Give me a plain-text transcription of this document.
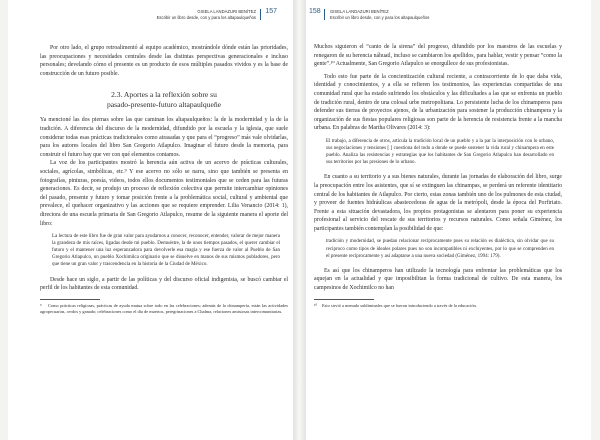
GISELA LANDAZURI BENÍTEZ
Escribir un libro desde, con y para los altapaulqueños
157

Por otro lado, el grupo retroalimentó al equipo académico, mostrándole dónde están las prioridades, las preocupaciones y necesidades centrales desde las distintas perspectivas generacionales e incluso personales; develando cómo el presente es un producto de esos múltiples pasados vividos y es la base de construcción de un futuro posible.

2.3. Aportes a la reflexión sobre su
pasado-presente-futuro altapaulqueñe

Ya mencioné las dos piernas sobre las que caminan los altapaulqueños: la de la modernidad y la de la tradición. A diferencia del discurso de la modernidad, difundido por la escuela y la iglesia, que suele considerar todas esas prácticas tradicionales como atrasadas y que para el “progreso” más vale olvidarlas, para los autores locales del libro San Gregorio Atlapulco. Imaginar el futuro desde la memoria, para construir el futuro hay que ver con qué elementos contamos.

La voz de los participantes mostró la herencia aún activa de un acervo de prácticas culturales, sociales, agrícolas, simbólicas, etc.⁹ Y ese acervo no sólo se narra, sino que también se presenta en fotografías, pinturas, poesía, videos, todos ellos documentos testimoniales que se ceden para las futuras generaciones. Es decir, se produjo un proceso de reflexión colectiva que permite intercambiar opiniones del pasado, presente y futuro y tomar posición frente a la problemática social, cultural y ambiental que prevalece, el quehacer organizativo y las acciones que se requiere emprender. Lilia Venancio (2014: 1), directora de una escuela primaria de San Gregorio Atlapulco, resume de la siguiente manera el aporte del libro:

La lectura de este libro fue de gran valor para ayudarnos a conocer, reconocer, entender, valorar de mejor manera la grandeza de mis raíces, ligadas desde mi pueblo. Demuéstre, la de unos tiempos pasados, el querer cambiar el futuro y el mantener una luz esperanzadora para devolverle esa magia y ese fuerza de valor al Pueblo de San Gregorio Atlapulco, un pueblo Xochimilca originario que se disuelve en manos de sus mismos pobladores, pero que tiene un gran valor y trascendencia en la historia de la Ciudad de México.

Desde hace un siglo, a partir de las políticas y del discurso oficial indigenista, se buscó cambiar el perfil de los habitantes de esta comunidad.

⁹ Como prácticas religiosas, prácticas de ayuda mutua sobre todo en las celebraciones; además de la chinampería, están las actividades agropecuarias, cerdos y ganado; celebraciones como el día de muertos, peregrinaciones a Chalma, relaciones amistosas intercomunitarias.
158 GISELA LANDAZURI BENÍTEZ
Escribir un libro desde, con y para los altapaulqueños

Muchos siguieron el “canto de la sirena” del progreso, difundido por los maestros de las escuelas y renegaron de su herencia náhuatl, incluso se cambiaron los apellidos, para hablar, vestir y pensar “como la gente”.¹⁰ Actualmente, San Gregorio Atlapulco se enorgullece de sus profesionistas.

Todo esto fue parte de la concientización cultural reciente, a contracorriente de lo que daba vida, identidad y conocimientos, y a ella se refieren los testimonios, las experiencias compartidas de una comunidad rural que ha estado sufriendo los obstáculos y las dificultades a las que se enfrenta un pueblo de tradición rural, dentro de una colosal urbe metropolitana. Lo persistente lucha de los chinamperos para defender sus tierras de proyectos ajenos, de la urbanización para sostener la producción chinampera y la organización de sus fiestas populares religiosas son parte de la herencia de resistencia frente a la mancha urbana. En palabras de Martha Olivares (2014: 3):

El trabajo, a diferencia de otros, articula la tradición local de un pueblo y a la par la interposición con lo urbano, sus negociaciones y tensiones [ ] cuestiona del todo a donde se puede sostener la vida rural y chinampera en este pueblo. Analiza las resistencias y estrategias que los habitantes de San Gregorio Atlapulco han desarrollado en sus territorios por las presiones de lo urbano.

En cuanto a su territorio y a sus bienes naturales, durante las jornadas de elaboración del libro, surge la preocupación entre los asistentes, que sí se extinguen las chinampas, se perderá un referente identitario central de los habitantes de Atlapulco. Por cierto, estas zonas también uno de los pulmones de esta ciudad, y proveer de fuentes hidráulicas abastecedoras de agua de la metrópoli, desde la época del Porfiriato. Frente a esta situación devastadora, los propios protagonistas se alentaron para poner su experiencia profesional al servicio del rescate de sus territorios y recursos naturales. Como señala Giménez, los participantes también contemplan la posibilidad de que:

tradición y modernidad, se puedan relacionar recíprocamente pues su relación es dialéctica, sin olvidar que su reciproco como tipos de ideales polares pues no son incompatibles ni excluyentes, por lo que se comprenden en el presente recíprocamente y así adaptarse a una nueva sociedad (Giménez, 1994: 179).

Es así que los chinamperos han utilizado la tecnología para enfrentar las problemáticas que los aquejan en la actualidad y que imposibilitan la forma tradicional de cultivo. De esta manera, los campesinos de Xochimilco no han

¹⁰ Esto sirvió a menudo subliminales que se fueron introduciendo a través de la educación.
